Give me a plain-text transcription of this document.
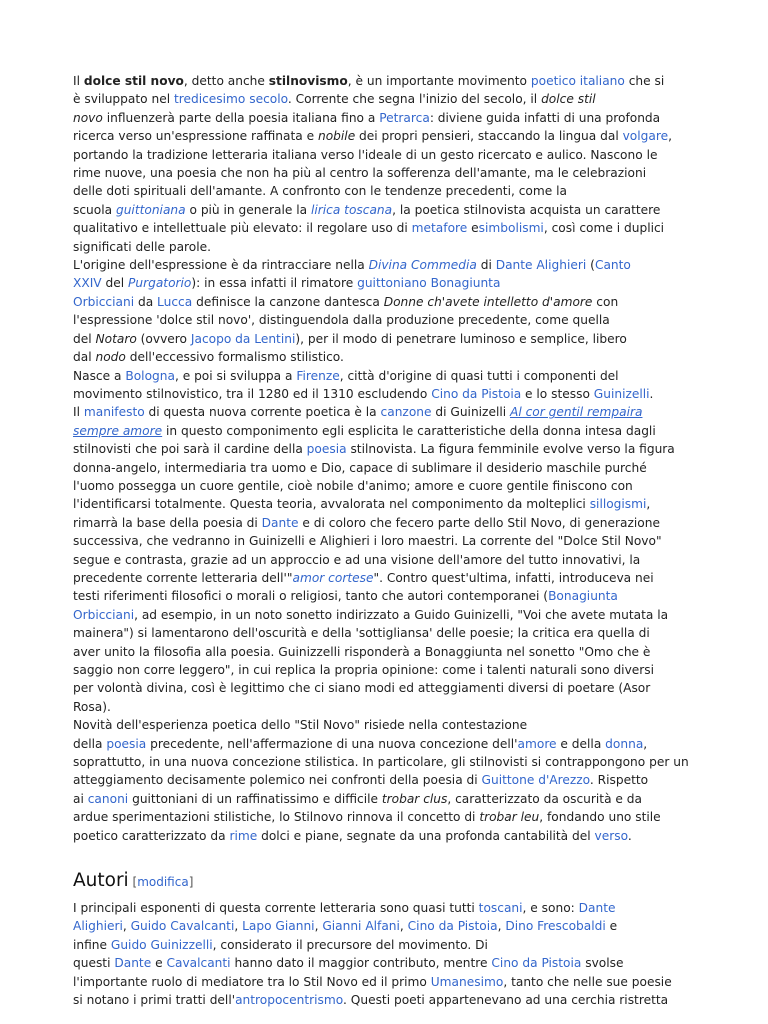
Il dolce stil novo, detto anche stilnovismo, è un importante movimento poetico italiano che si
è sviluppato nel tredicesimo secolo. Corrente che segna l'inizio del secolo, il dolce stil
novo influenzerà parte della poesia italiana fino a Petrarca: diviene guida infatti di una profonda
ricerca verso un'espressione raffinata e nobile dei propri pensieri, staccando la lingua dal volgare,
portando la tradizione letteraria italiana verso l'ideale di un gesto ricercato e aulico. Nascono le
rime nuove, una poesia che non ha più al centro la sofferenza dell'amante, ma le celebrazioni
delle doti spirituali dell'amante. A confronto con le tendenze precedenti, come la
scuola guittoniana o più in generale la lirica toscana, la poetica stilnovista acquista un carattere
qualitativo e intellettuale più elevato: il regolare uso di metafore esimbolismi, così come i duplici
significati delle parole.

L'origine dell'espressione è da rintracciare nella Divina Commedia di Dante Alighieri (Canto
XXIV del Purgatorio): in essa infatti il rimatore guittoniano Bonagiunta
Orbicciani da Lucca definisce la canzone dantesca Donne ch'avete intelletto d'amore con
l'espressione 'dolce stil novo', distinguendola dalla produzione precedente, come quella
del Notaro (ovvero Jacopo da Lentini), per il modo di penetrare luminoso e semplice, libero
dal nodo dell'eccessivo formalismo stilistico.

Nasce a Bologna, e poi si sviluppa a Firenze, città d'origine di quasi tutti i componenti del
movimento stilnovistico, tra il 1280 ed il 1310 escludendo Cino da Pistoia e lo stesso Guinizelli.
Il manifesto di questa nuova corrente poetica è la canzone di Guinizelli Al cor gentil rempaira
sempre amore in questo componimento egli esplicita le caratteristiche della donna intesa dagli
stilnovisti che poi sarà il cardine della poesia stilnovista. La figura femminile evolve verso la figura
donna-angelo, intermediaria tra uomo e Dio, capace di sublimare il desiderio maschile purché
l'uomo possegga un cuore gentile, cioè nobile d'animo; amore e cuore gentile finiscono con
l'identificarsi totalmente. Questa teoria, avvalorata nel componimento da molteplici sillogismi,
rimarrà la base della poesia di Dante e di coloro che fecero parte dello Stil Novo, di generazione
successiva, che vedranno in Guinizelli e Alighieri i loro maestri. La corrente del "Dolce Stil Novo"
segue e contrasta, grazie ad un approccio e ad una visione dell'amore del tutto innovativi, la
precedente corrente letteraria dell'"amor cortese". Contro quest'ultima, infatti, introduceva nei
testi riferimenti filosofici o morali o religiosi, tanto che autori contemporanei (Bonagiunta
Orbicciani, ad esempio, in un noto sonetto indirizzato a Guido Guinizelli, "Voi che avete mutata la
mainera") si lamentarono dell'oscurità e della 'sottigliansa' delle poesie; la critica era quella di
aver unito la filosofia alla poesia. Guinizzelli risponderà a Bonaggiunta nel sonetto "Omo che è
saggio non corre leggero", in cui replica la propria opinione: come i talenti naturali sono diversi
per volontà divina, così è legittimo che ci siano modi ed atteggiamenti diversi di poetare (Asor
Rosa).

Novità dell'esperienza poetica dello "Stil Novo" risiede nella contestazione
della poesia precedente, nell'affermazione di una nuova concezione dell'amore e della donna,
soprattutto, in una nuova concezione stilistica. In particolare, gli stilnovisti si contrappongono per un
atteggiamento decisamente polemico nei confronti della poesia di Guittone d'Arezzo. Rispetto
ai canoni guittoniani di un raffinatissimo e difficile trobar clus, caratterizzato da oscurità e da
ardue sperimentazioni stilistiche, lo Stilnovo rinnova il concetto di trobar leu, fondando uno stile
poetico caratterizzato da rime dolci e piane, segnate da una profonda cantabilità del verso.

Autori [modifica]

I principali esponenti di questa corrente letteraria sono quasi tutti toscani, e sono: Dante
Alighieri, Guido Cavalcanti, Lapo Gianni, Gianni Alfani, Cino da Pistoia, Dino Frescobaldi e
infine Guido Guinizzelli, considerato il precursore del movimento. Di
questi Dante e Cavalcanti hanno dato il maggior contributo, mentre Cino da Pistoia svolse
l'importante ruolo di mediatore tra lo Stil Novo ed il primo Umanesimo, tanto che nelle sue poesie
si notano i primi tratti dell'antropocentrismo. Questi poeti appartenevano ad una cerchia ristretta
